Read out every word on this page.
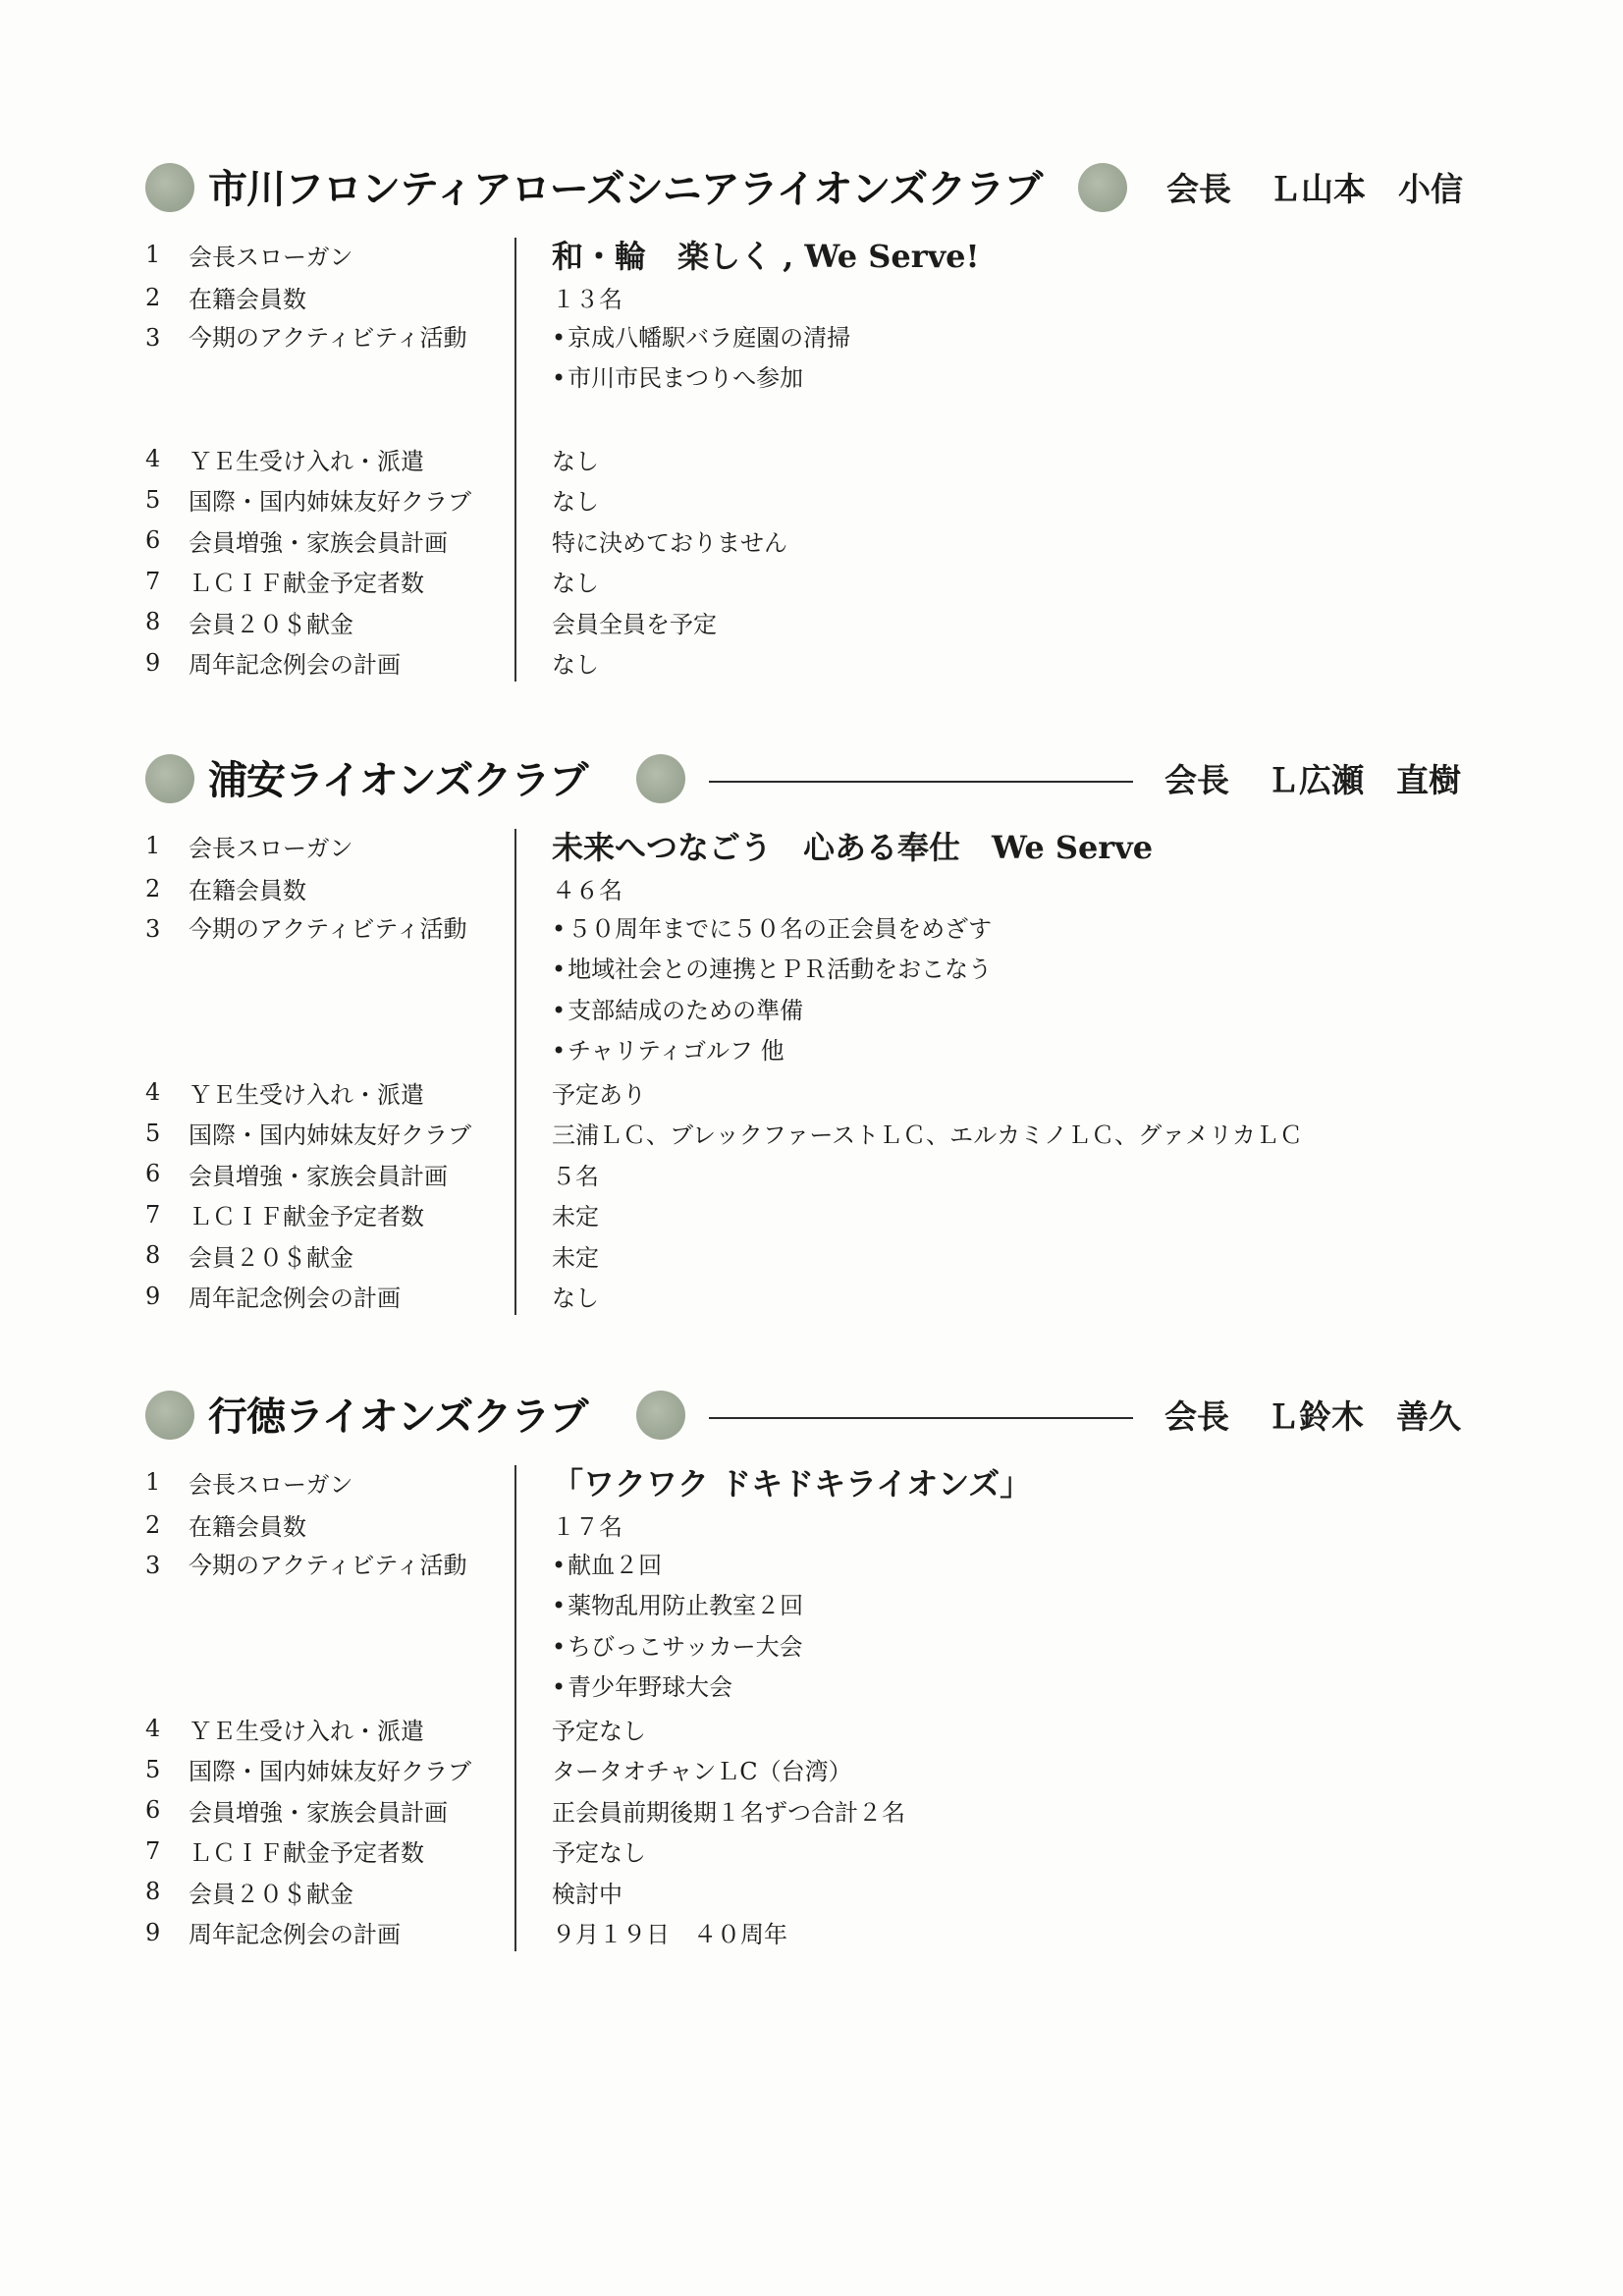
市川フロンティアローズシニアライオンズクラブ	会長 Ｌ山本　小信
1	会長スローガン	和・輪　楽しく , We Serve!
2	在籍会員数	１３名
3	今期のアクティビティ活動	• 京成八幡駅バラ庭園の清掃
• 市川市民まつりへ参加
4	ＹＥ生受け入れ・派遣	なし
5	国際・国内姉妹友好クラブ	なし
6	会員増強・家族会員計画	特に決めておりません
7	ＬＣＩＦ献金予定者数	なし
8	会員２０＄献金	会員全員を予定
9	周年記念例会の計画	なし
浦安ライオンズクラブ	会長 Ｌ広瀬　直樹
1	会長スローガン	未来へつなごう　心ある奉仕　We Serve
2	在籍会員数	４６名
3	今期のアクティビティ活動	• ５０周年までに５０名の正会員をめざす
• 地域社会との連携とＰＲ活動をおこなう
• 支部結成のための準備
• チャリティゴルフ 他
4	ＹＥ生受け入れ・派遣	予定あり
5	国際・国内姉妹友好クラブ	三浦ＬＣ、ブレックファーストＬＣ、エルカミノＬＣ、グァメリカＬＣ
6	会員増強・家族会員計画	５名
7	ＬＣＩＦ献金予定者数	未定
8	会員２０＄献金	未定
9	周年記念例会の計画	なし
行徳ライオンズクラブ	会長 Ｌ鈴木　善久
1	会長スローガン	「ワクワク ドキドキライオンズ」
2	在籍会員数	１７名
3	今期のアクティビティ活動	• 献血２回
• 薬物乱用防止教室２回
• ちびっこサッカー大会
• 青少年野球大会
4	ＹＥ生受け入れ・派遣	予定なし
5	国際・国内姉妹友好クラブ	タータオチャンＬC（台湾）
6	会員増強・家族会員計画	正会員前期後期１名ずつ合計２名
7	ＬＣＩＦ献金予定者数	予定なし
8	会員２０＄献金	検討中
9	周年記念例会の計画	９月１９日　４０周年
